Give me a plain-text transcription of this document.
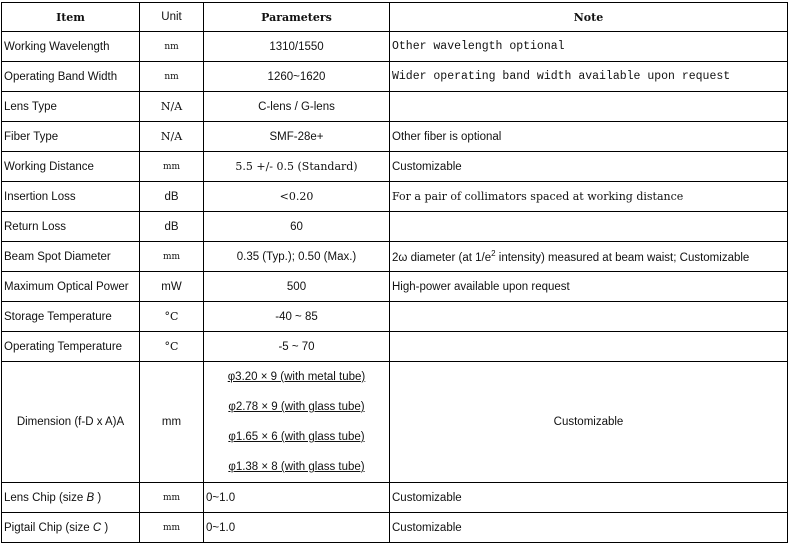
Item	Unit	Parameters	Note
Working Wavelength	nm	1310/1550	Other wavelength optional
Operating Band Width	nm	1260~1620	Wider operating band width available upon request
Lens Type	N/A	C-lens / G-lens	
Fiber Type	N/A	SMF-28e+	Other fiber is optional
Working Distance	mm	5.5 +/- 0.5 (Standard)	Customizable
Insertion Loss	dB	<0.20	For a pair of collimators spaced at working distance
Return Loss	dB	60	
Beam Spot Diameter	mm	0.35 (Typ.); 0.50 (Max.)	2ω diameter (at $1/e^2$ intensity) measured at beam waist; Customizable
Maximum Optical Power	mW	500	High-power available upon request
Storage Temperature	°C	-40 ~ 85	
Operating Temperature	°C	-5 ~ 70	
Dimension (f-D x A)A	mm	φ3.20 × 9 (with metal tube)
φ2.78 × 9 (with glass tube)
φ1.65 × 6 (with glass tube)
φ1.38 × 8 (with glass tube)	Customizable
Lens Chip (size B )	mm	0~1.0	Customizable
Pigtail Chip (size C )	mm	0~1.0	Customizable
